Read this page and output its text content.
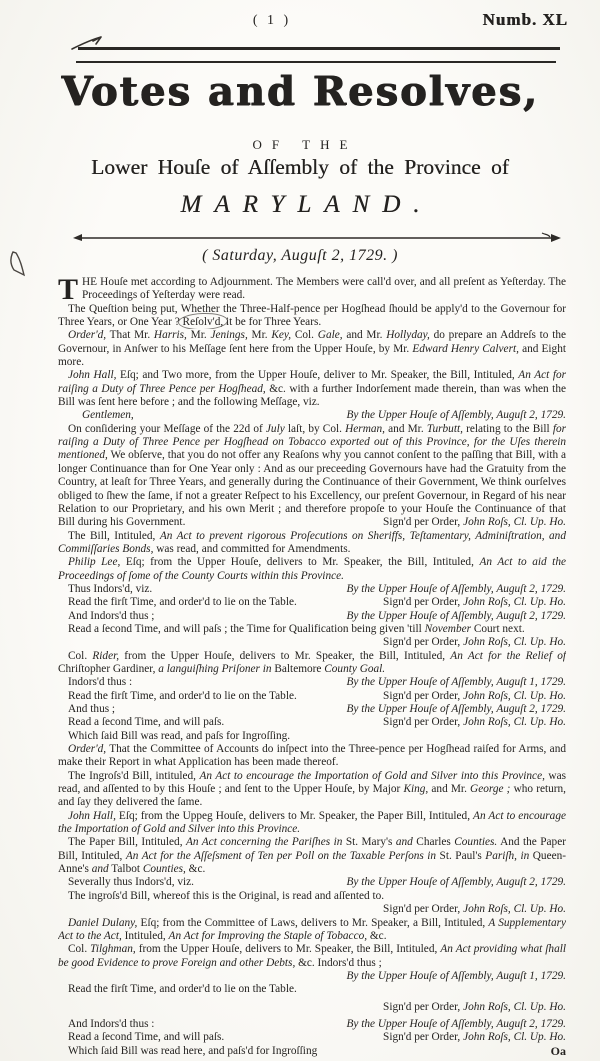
( 1 )	Numb. XL
Votes and Resolves,
OF THE
Lower Houſe of Aſſembly of the Province of
MARYLAND.
( Saturday, Auguſt 2, 1729. )

THE Houſe met according to Adjournment. The Members were call'd over, and all preſent as Yeſterday. The Proceedings of Yeſterday were read.

The Queſtion being put, Whether the Three-Half-pence per Hogſhead ſhould be apply'd to the Governour for Three Years, or One Year ? Reſolv'd, it be for Three Years.

Order'd, That Mr. Harris, Mr. Jenings, Mr. Key, Col. Gale, and Mr. Hollyday, do prepare an Addreſs to the Governour, in Anſwer to his Meſſage ſent here from the Upper Houſe, by Mr. Edward Henry Calvert, and Eight more.

John Hall, Eſq; and Two more, from the Upper Houſe, deliver to Mr. Speaker, the Bill, Intituled, An Act for raiſing a Duty of Three Pence per Hogſhead, &c. with a further Indorſement made therein, than was when the Bill was ſent here before ; and the following Meſſage, viz.

Gentlemen,	By the Upper Houſe of Aſſembly, Auguſt 2, 1729.

On conſidering your Meſſage of the 22d of July laſt, by Col. Herman, and Mr. Turbutt, relating to the Bill for raiſing a Duty of Three Pence per Hogſhead on Tobacco exported out of this Province, for the Uſes therein mentioned, We obſerve, that you do not offer any Reaſons why you cannot conſent to the paſſing that Bill, with a longer Continuance than for One Year only : And as our preceeding Governours have had the Gratuity from the Country, at leaſt for Three Years, and generally during the Continuance of their Government, We think ourſelves obliged to ſhew the ſame, if not a greater Reſpect to his Excellency, our preſent Governour, in Regard of his near Relation to our Proprietary, and his own Merit ; and therefore propoſe to your Houſe the Continuance of that Bill during his Government.	Sign'd per Order, John Roſs, Cl. Up. Ho.

The Bill, Intituled, An Act to prevent rigorous Proſecutions on Sheriffs, Teſtamentary, Adminiſtration, and Commiſſaries Bonds, was read, and committed for Amendments.

Philip Lee, Eſq; from the Upper Houſe, delivers to Mr. Speaker, the Bill, Intituled, An Act to aid the Proceedings of ſome of the County Courts within this Province.

Thus Indors'd, viz.	By the Upper Houſe of Aſſembly, Auguſt 2, 1729.

Read the firſt Time, and order'd to lie on the Table.	Sign'd per Order, John Roſs, Cl. Up. Ho.

And Indors'd thus ;	By the Upper Houſe of Aſſembly, Auguſt 2, 1729.

Read a ſecond Time, and will paſs ; the Time for Qualification being given 'till November Court next.
Sign'd per Order, John Roſs, Cl. Up. Ho.

Col. Rider, from the Upper Houſe, delivers to Mr. Speaker, the Bill, Intituled, An Act for the Relief of Chriſtopher Gardiner, a languiſhing Priſoner in Baltemore County Goal.

Indors'd thus :	By the Upper Houſe of Aſſembly, Auguſt 1, 1729.

Read the firſt Time, and order'd to lie on the Table.	Sign'd per Order, John Roſs, Cl. Up. Ho.

And thus ;	By the Upper Houſe of Aſſembly, Auguſt 2, 1729.

Read a ſecond Time, and will paſs.	Sign'd per Order, John Roſs, Cl. Up. Ho.

Which ſaid Bill was read, and paſs for Ingroſſing.

Order'd, That the Committee of Accounts do inſpect into the Three-pence per Hogſhead raiſed for Arms, and make their Report in what Application has been made thereof.

The Ingroſs'd Bill, intituled, An Act to encourage the Importation of Gold and Silver into this Province, was read, and aſſented to by this Houſe ; and ſent to the Upper Houſe, by Major King, and Mr. George ; who return, and ſay they delivered the ſame.

John Hall, Eſq; from the Uppeg Houſe, delivers to Mr. Speaker, the Paper Bill, Intituled, An Act to encourage the Importation of Gold and Silver into this Province.

The Paper Bill, Intituled, An Act concerning the Pariſhes in St. Mary's and Charles Counties. And the Paper Bill, Intituled, An Act for the Aſſeſsment of Ten per Poll on the Taxable Perſons in St. Paul's Pariſh, in Queen-Anne's and Talbot Counties, &c.

Severally thus Indors'd, viz.	By the Upper Houſe of Aſſembly, Auguſt 2, 1729.

The ingroſs'd Bill, whereof this is the Original, is read and aſſented to.

Sign'd per Order, John Roſs, Cl. Up. Ho.

Daniel Dulany, Eſq; from the Committee of Laws, delivers to Mr. Speaker, a Bill, Intituled, A Supplementary Act to the Act, Intituled, An Act for Improving the Staple of Tobacco, &c.

Col. Tilghman, from the Upper Houſe, delivers to Mr. Speaker, the Bill, Intituled, An Act providing what ſhall be good Evidence to prove Foreign and other Debts, &c. Indors'd thus ;

By the Upper Houſe of Aſſembly, Auguſt 1, 1729.

Read the firſt Time, and order'd to lie on the Table.

Sign'd per Order, John Roſs, Cl. Up. Ho.

And Indors'd thus :	By the Upper Houſe of Aſſembly, Auguſt 2, 1729.

Read a ſecond Time, and will paſs.	Sign'd per Order, John Roſs, Cl. Up. Ho.

Which ſaid Bill was read here, and paſs'd for Ingroſſing	Oa
